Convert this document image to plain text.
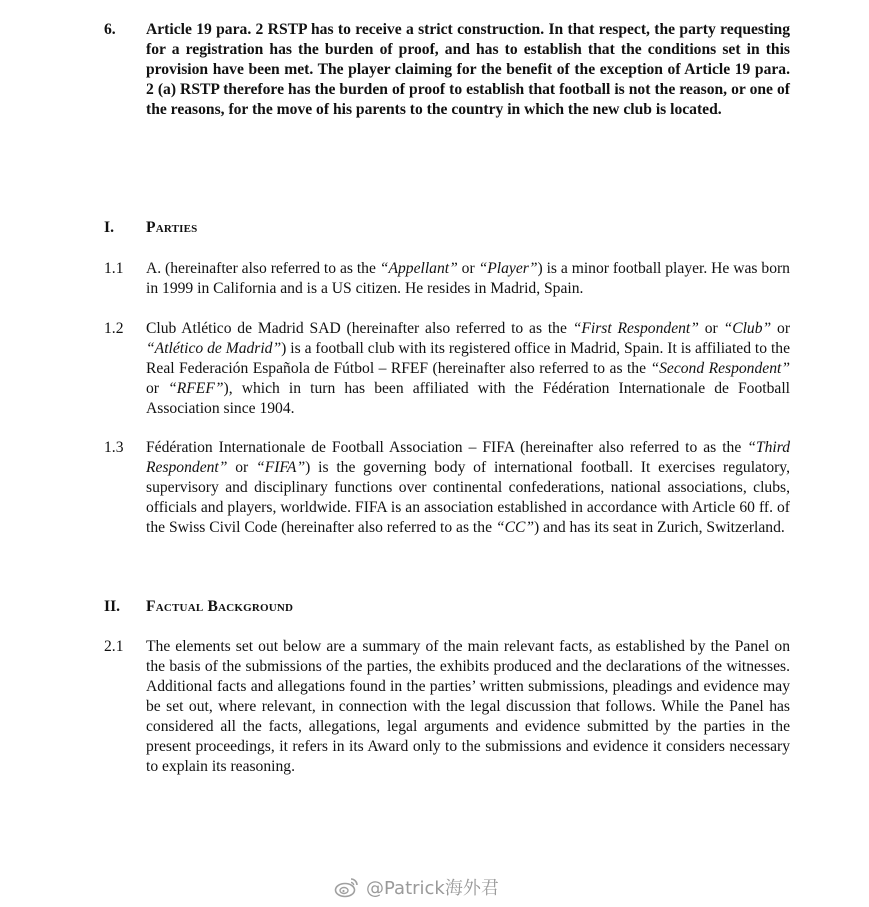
6.	Article 19 para. 2 RSTP has to receive a strict construction. In that respect, the party requesting for a registration has the burden of proof, and has to establish that the conditions set in this provision have been met. The player claiming for the benefit of the exception of Article 19 para. 2 (a) RSTP therefore has the burden of proof to establish that football is not the reason, or one of the reasons, for the move of his parents to the country in which the new club is located.
I.	Parties
1.1	A. (hereinafter also referred to as the “Appellant” or “Player”) is a minor football player. He was born in 1999 in California and is a US citizen. He resides in Madrid, Spain.
1.2	Club Atlético de Madrid SAD (hereinafter also referred to as the “First Respondent” or “Club” or “Atlético de Madrid”) is a football club with its registered office in Madrid, Spain. It is affiliated to the Real Federación Española de Fútbol – RFEF (hereinafter also referred to as the “Second Respondent” or “RFEF”), which in turn has been affiliated with the Fédération Internationale de Football Association since 1904.
1.3	Fédération Internationale de Football Association – FIFA (hereinafter also referred to as the “Third Respondent” or “FIFA”) is the governing body of international football. It exercises regulatory, supervisory and disciplinary functions over continental confederations, national associations, clubs, officials and players, worldwide. FIFA is an association established in accordance with Article 60 ff. of the Swiss Civil Code (hereinafter also referred to as the “CC”) and has its seat in Zurich, Switzerland.
II.	Factual Background
2.1	The elements set out below are a summary of the main relevant facts, as established by the Panel on the basis of the submissions of the parties, the exhibits produced and the declarations of the witnesses. Additional facts and allegations found in the parties’ written submissions, pleadings and evidence may be set out, where relevant, in connection with the legal discussion that follows. While the Panel has considered all the facts, allegations, legal arguments and evidence submitted by the parties in the present proceedings, it refers in its Award only to the submissions and evidence it considers necessary to explain its reasoning.
@Patrick海外君
